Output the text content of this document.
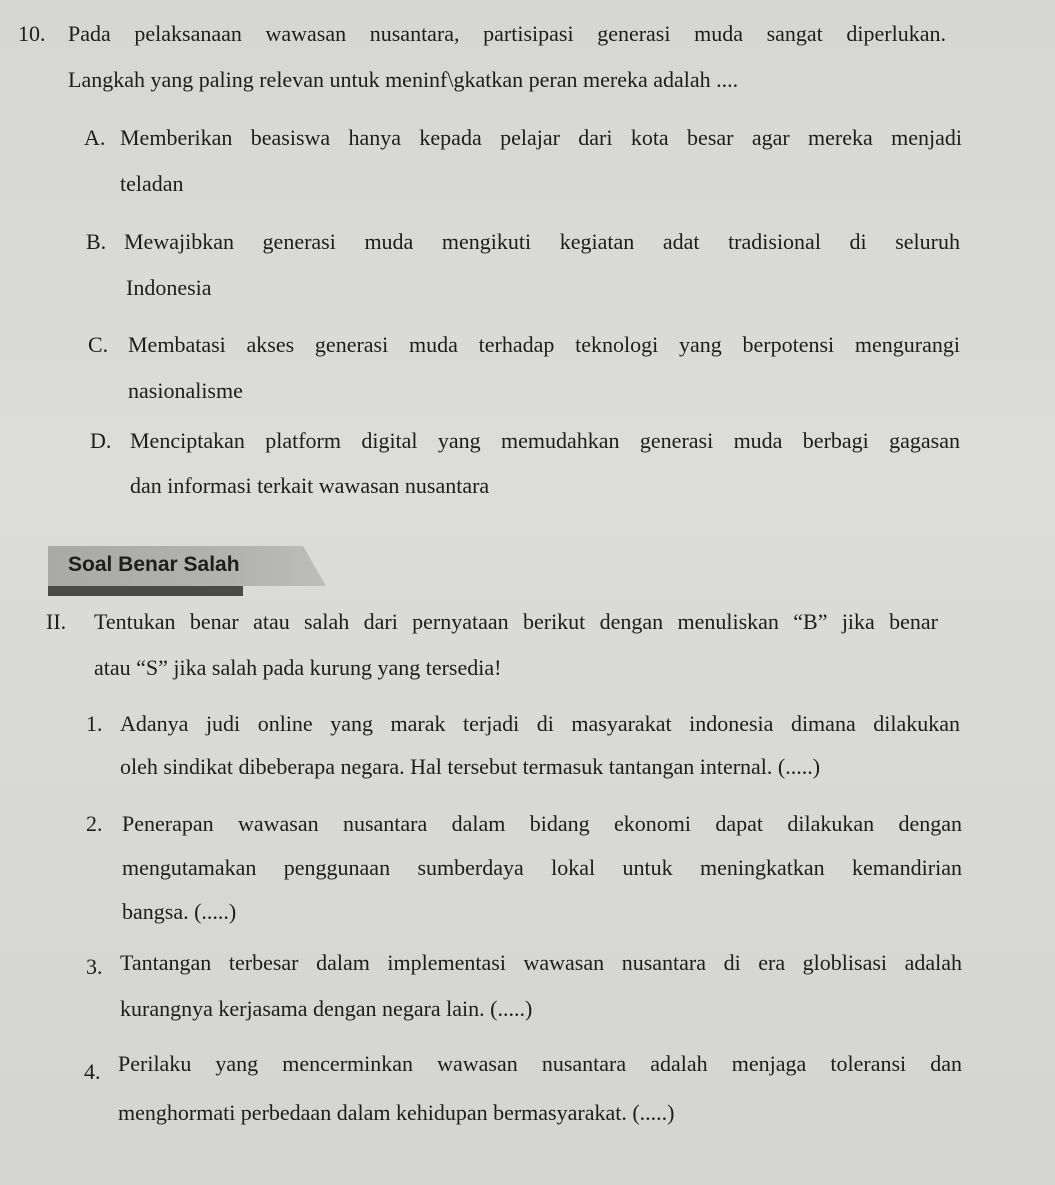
10. Pada pelaksanaan wawasan nusantara, partisipasi generasi muda sangat diperlukan.
Langkah yang paling relevan untuk meninf\gkatkan peran mereka adalah ....
A. Memberikan beasiswa hanya kepada pelajar dari kota besar agar mereka menjadi
teladan
B. Mewajibkan generasi muda mengikuti kegiatan adat tradisional di seluruh
Indonesia
C. Membatasi akses generasi muda terhadap teknologi yang berpotensi mengurangi
nasionalisme
D. Menciptakan platform digital yang memudahkan generasi muda berbagi gagasan
dan informasi terkait wawasan nusantara
Soal Benar Salah
II. Tentukan benar atau salah dari pernyataan berikut dengan menuliskan “B” jika benar
atau “S” jika salah pada kurung yang tersedia!
1. Adanya judi online yang marak terjadi di masyarakat indonesia dimana dilakukan
oleh sindikat dibeberapa negara. Hal tersebut termasuk tantangan internal. (.....)
2. Penerapan wawasan nusantara dalam bidang ekonomi dapat dilakukan dengan
mengutamakan penggunaan sumberdaya lokal untuk meningkatkan kemandirian
bangsa. (.....)
3. Tantangan terbesar dalam implementasi wawasan nusantara di era globlisasi adalah
kurangnya kerjasama dengan negara lain. (.....)
4. Perilaku yang mencerminkan wawasan nusantara adalah menjaga toleransi dan
menghormati perbedaan dalam kehidupan bermasyarakat. (.....)
